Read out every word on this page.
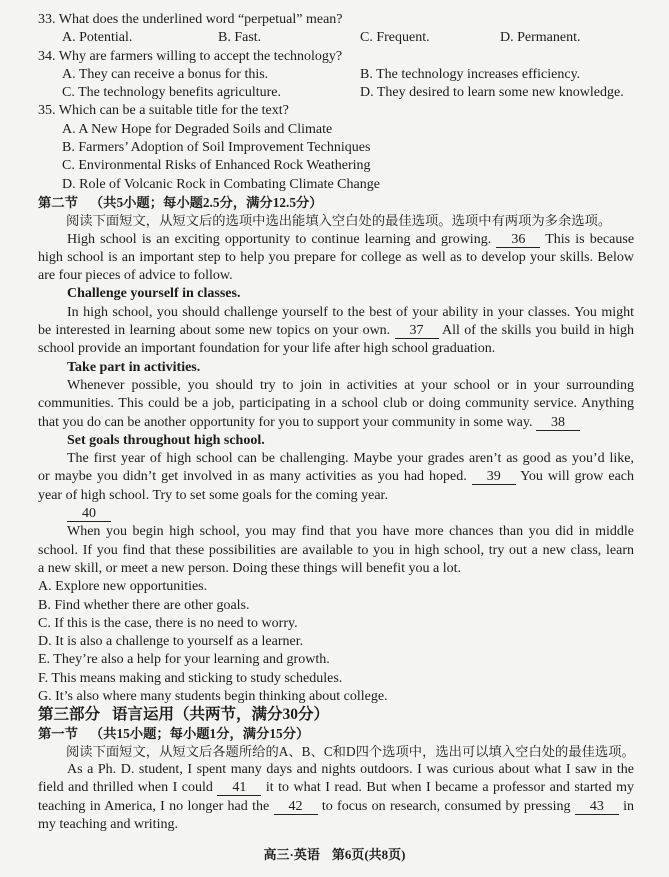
33. What does the underlined word “perpetual” mean?
A. Potential.	B. Fast.	C. Frequent.	D. Permanent.
34. Why are farmers willing to accept the technology?
A. They can receive a bonus for this.	B. The technology increases efficiency.
C. The technology benefits agriculture.	D. They desired to learn some new knowledge.
35. Which can be a suitable title for the text?
A. A New Hope for Degraded Soils and Climate
B. Farmers’ Adoption of Soil Improvement Techniques
C. Environmental Risks of Enhanced Rock Weathering
D. Role of Volcanic Rock in Combating Climate Change
第二节 （共5小题；每小题2.5分，满分12.5分）
阅读下面短文，从短文后的选项中选出能填入空白处的最佳选项。选项中有两项为多余选项。
High school is an exciting opportunity to continue learning and growing. 36 This is because
high school is an important step to help you prepare for college as well as to develop your skills. Below
are four pieces of advice to follow.
Challenge yourself in classes.
In high school, you should challenge yourself to the best of your ability in your classes. You might
be interested in learning about some new topics on your own. 37 All of the skills you build in high
school provide an important foundation for your life after high school graduation.
Take part in activities.
Whenever possible, you should try to join in activities at your school or in your surrounding
communities. This could be a job, participating in a school club or doing community service. Anything
that you do can be another opportunity for you to support your community in some way. 38
Set goals throughout high school.
The first year of high school can be challenging. Maybe your grades aren’t as good as you’d like,
or maybe you didn’t get involved in as many activities as you had hoped. 39 You will grow each
year of high school. Try to set some goals for the coming year.
40
When you begin high school, you may find that you have more chances than you did in middle
school. If you find that these possibilities are available to you in high school, try out a new class, learn
a new skill, or meet a new person. Doing these things will benefit you a lot.
A. Explore new opportunities.
B. Find whether there are other goals.
C. If this is the case, there is no need to worry.
D. It is also a challenge to yourself as a learner.
E. They’re also a help for your learning and growth.
F. This means making and sticking to study schedules.
G. It’s also where many students begin thinking about college.
第三部分 语言运用（共两节，满分30分）
第一节 （共15小题；每小题1分，满分15分）
阅读下面短文，从短文后各题所给的A、B、C和D四个选项中，选出可以填入空白处的最佳选项。
As a Ph. D. student, I spent many days and nights outdoors. I was curious about what I saw in the
field and thrilled when I could 41 it to what I read. But when I became a professor and started my
teaching in America, I no longer had the 42 to focus on research, consumed by pressing 43 in
my teaching and writing.
高三·英语 第6页(共8页)
